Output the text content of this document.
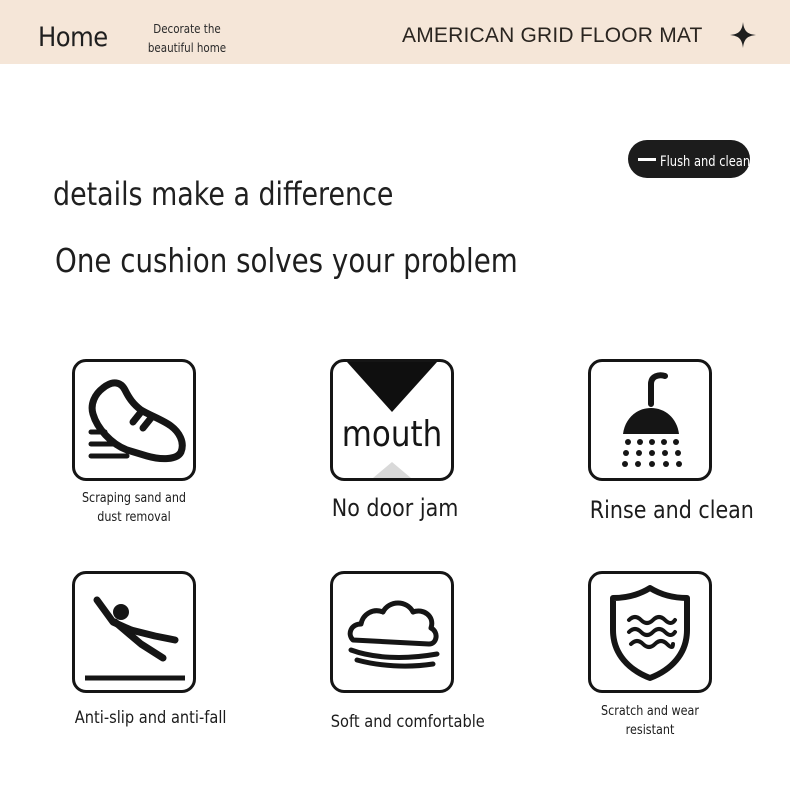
Home	Decorate the beautiful home
AMERICAN GRID FLOOR MAT
Flush and clean
details make a difference
One cushion solves your problem
Scraping sand and dust removal
mouth
No door jam	Rinse and clean
Anti-slip and anti-fall	Soft and comfortable
Scratch and wear resistant
